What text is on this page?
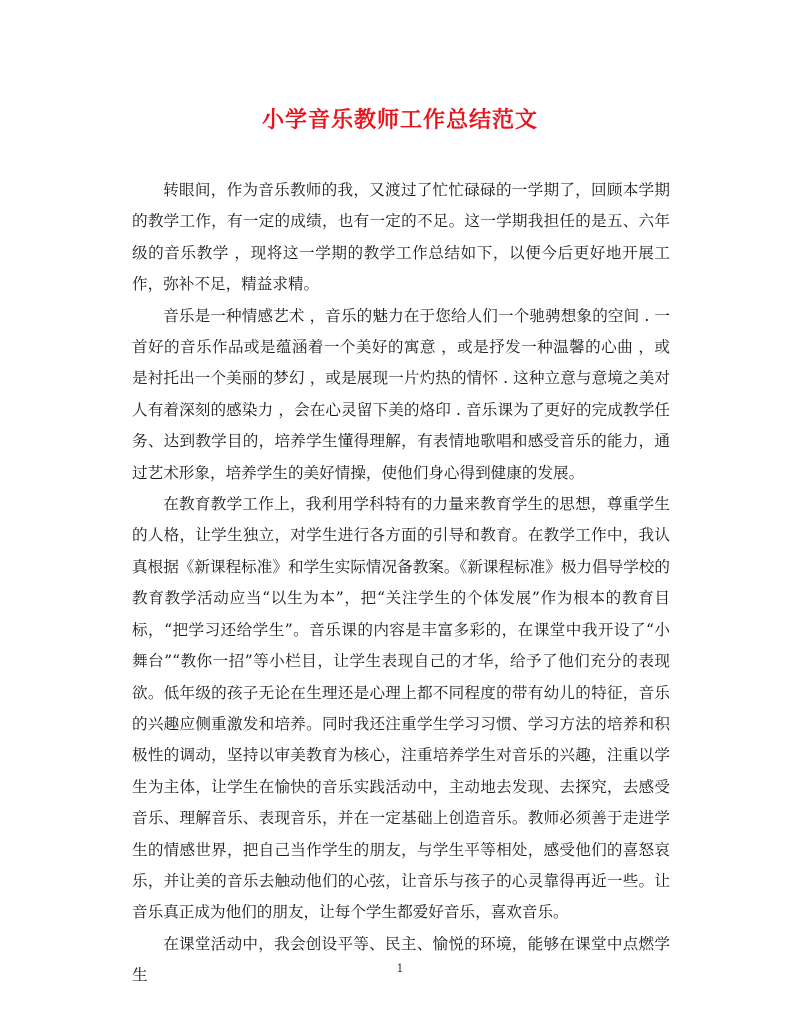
小学音乐教师工作总结范文

转眼间，作为音乐教师的我，又渡过了忙忙碌碌的一学期了，回顾本学期的教学工作，有一定的成绩，也有一定的不足。这一学期我担任的是五、六年级的音乐教学 ，现将这一学期的教学工作总结如下，以便今后更好地开展工作，弥补不足，精益求精。

音乐是一种情感艺术 ，音乐的魅力在于您给人们一个驰骋想象的空间 . 一首好的音乐作品或是蕴涵着一个美好的寓意 ，或是抒发一种温馨的心曲 ，或是衬托出一个美丽的梦幻 ，或是展现一片灼热的情怀 . 这种立意与意境之美对人有着深刻的感染力 ，会在心灵留下美的烙印 . 音乐课为了更好的完成教学任务、达到教学目的，培养学生懂得理解，有表情地歌唱和感受音乐的能力，通过艺术形象，培养学生的美好情操，使他们身心得到健康的发展。

在教育教学工作上，我利用学科特有的力量来教育学生的思想，尊重学生的人格，让学生独立，对学生进行各方面的引导和教育。在教学工作中，我认真根据《新课程标准》和学生实际情况备教案。《新课程标准》极力倡导学校的教育教学活动应当“以生为本”，把“关注学生的个体发展”作为根本的教育目标，“把学习还给学生”。音乐课的内容是丰富多彩的，在课堂中我开设了“小舞台”“教你一招”等小栏目，让学生表现自己的才华，给予了他们充分的表现欲。低年级的孩子无论在生理还是心理上都不同程度的带有幼儿的特征，音乐的兴趣应侧重激发和培养。同时我还注重学生学习习惯、学习方法的培养和积极性的调动，坚持以审美教育为核心，注重培养学生对音乐的兴趣，注重以学生为主体，让学生在愉快的音乐实践活动中，主动地去发现、去探究，去感受音乐、理解音乐、表现音乐，并在一定基础上创造音乐。教师必须善于走进学生的情感世界，把自己当作学生的朋友，与学生平等相处，感受他们的喜怒哀乐，并让美的音乐去触动他们的心弦，让音乐与孩子的心灵靠得再近一些。让音乐真正成为他们的朋友，让每个学生都爱好音乐，喜欢音乐。

在课堂活动中，我会创设平等、民主、愉悦的环境，能够在课堂中点燃学生	1
